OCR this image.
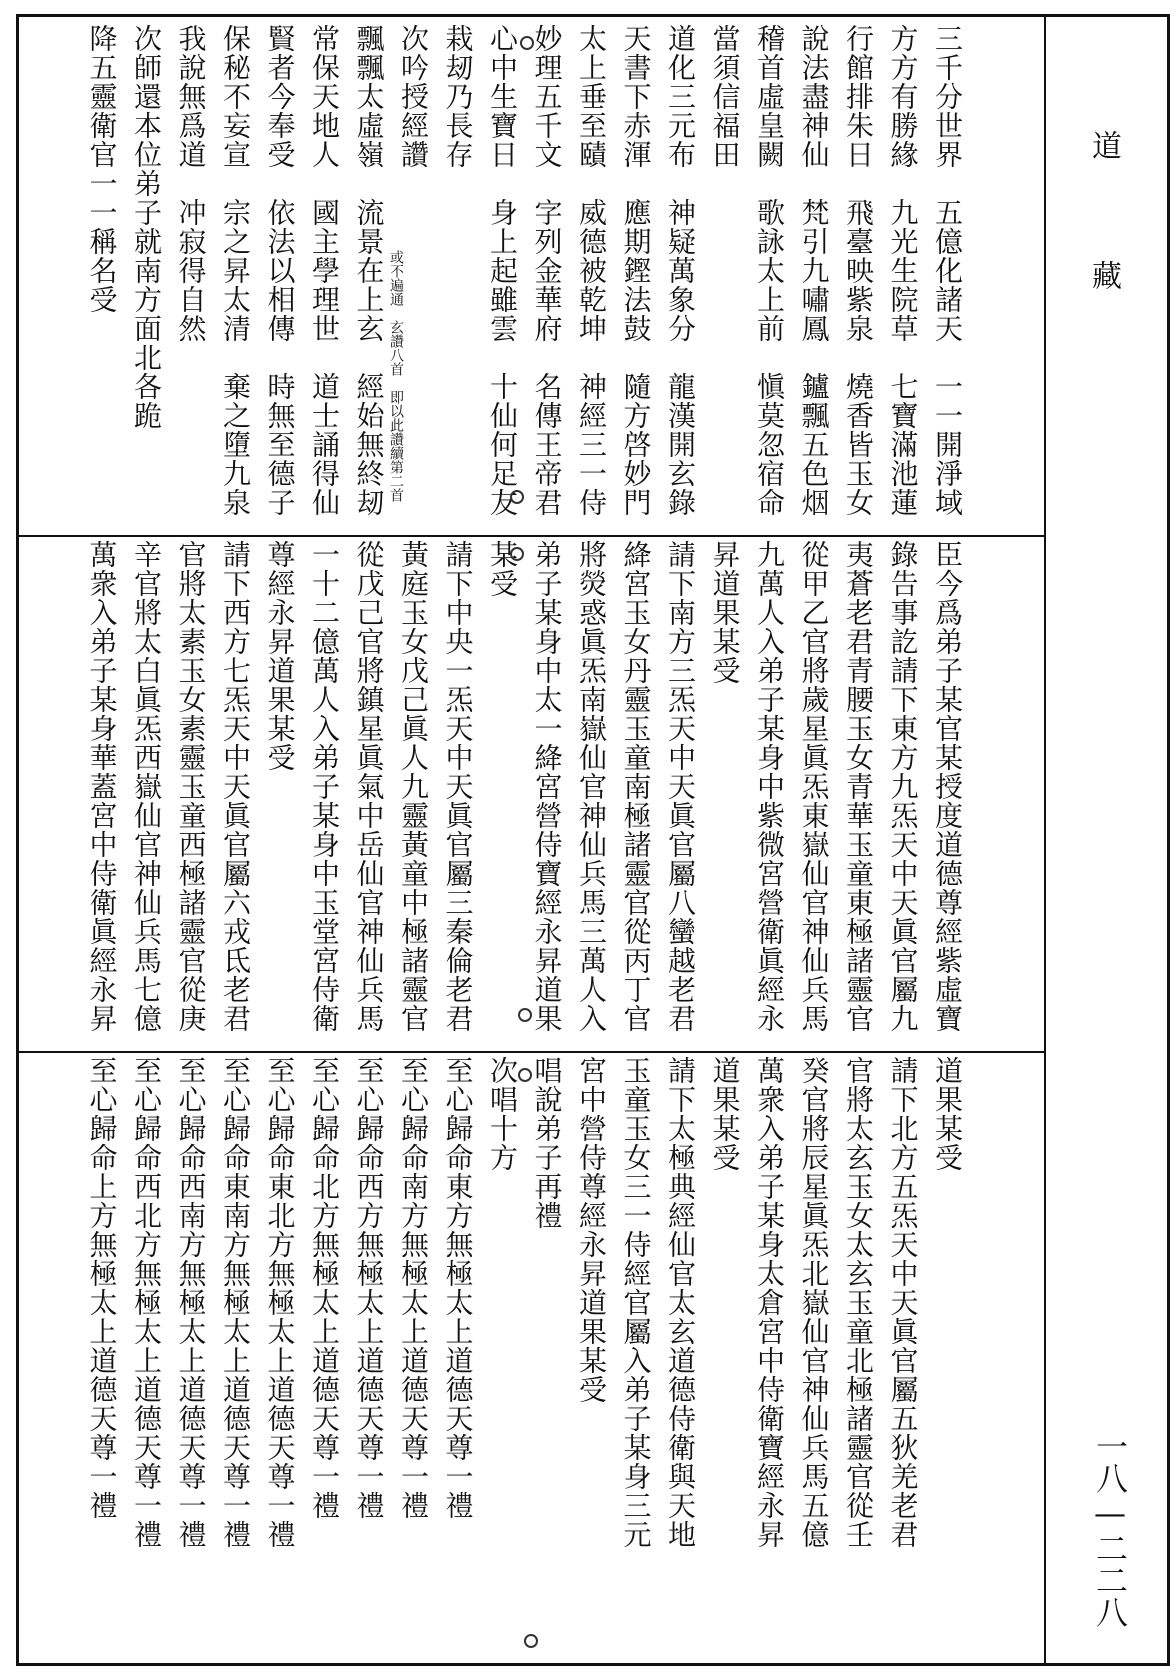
道
藏
一八—二二八
三千分世界　五億化諸天　一一開淨域
方方有勝緣　九光生院草　七寶滿池蓮
行館排朱日　飛臺映紫泉　燒香皆玉女
說法盡神仙　梵引九嘯鳳　鑪飄五色烟
稽首虛皇闕　歌詠太上前　愼莫忽宿命
當須信福田
道化三元布　神疑萬象分　龍漢開玄錄
天書下赤渾　應期鏗法鼓　隨方啓妙門
太上垂至賾　威德被乾坤　神經三一侍
妙理五千文　字列金華府　名傳王帝君
心中生寶日　身上起雖雲　十仙何足友
栽刼乃長存
次吟授經讚
飄飄太虛嶺　流景在上玄　經始無終刼
常保天地人　國主學理世　道士誦得仙
賢者今奉受　依法以相傳　時無至德子
保秘不妄宣　宗之昇太清　棄之墮九泉
我說無爲道　冲寂得自然
次師還本位弟子就南方面北各跪
降五靈衛官一一稱名受
臣今爲弟子某官某授度道德尊經紫虛寶
錄告事訖請下東方九炁天中天眞官屬九
夷蒼老君青腰玉女青華玉童東極諸靈官
從甲乙官將歲星眞炁東嶽仙官神仙兵馬
九萬人入弟子某身中紫微宮營衛眞經永
昇道果某受
請下南方三炁天中天眞官屬八蠻越老君
絳宮玉女丹靈玉童南極諸靈官從丙丁官
將熒惑眞炁南嶽仙官神仙兵馬三萬人入
弟子某身中太一絳宮營侍寶經永昇道果
某受
請下中央一炁天中天眞官屬三秦倫老君
黃庭玉女戊己眞人九靈黃童中極諸靈官
從戊己官將鎮星眞氣中岳仙官神仙兵馬
一十二億萬人入弟子某身中玉堂宮侍衛
尊經永昇道果某受
請下西方七炁天中天眞官屬六戎氐老君
官將太素玉女素靈玉童西極諸靈官從庚
辛官將太白眞炁西嶽仙官神仙兵馬七億
萬衆入弟子某身華蓋宮中侍衛眞經永昇
道果某受
請下北方五炁天中天眞官屬五狄羌老君
官將太玄玉女太玄玉童北極諸靈官從壬
癸官將辰星眞炁北嶽仙官神仙兵馬五億
萬衆入弟子某身太倉宮中侍衛寶經永昇
道果某受
請下太極典經仙官太玄道德侍衛與天地
玉童玉女三一侍經官屬入弟子某身三元
宮中營侍尊經永昇道果某受
唱說弟子再禮
次唱十方
至心歸命東方無極太上道德天尊一禮
至心歸命南方無極太上道德天尊一禮
至心歸命西方無極太上道德天尊一禮
至心歸命北方無極太上道德天尊一禮
至心歸命東北方無極太上道德天尊一禮
至心歸命東南方無極太上道德天尊一禮
至心歸命西南方無極太上道德天尊一禮
至心歸命西北方無極太上道德天尊一禮
至心歸命上方無極太上道德天尊一禮
或不遍通　玄讚八首　即以此讚續第二首
